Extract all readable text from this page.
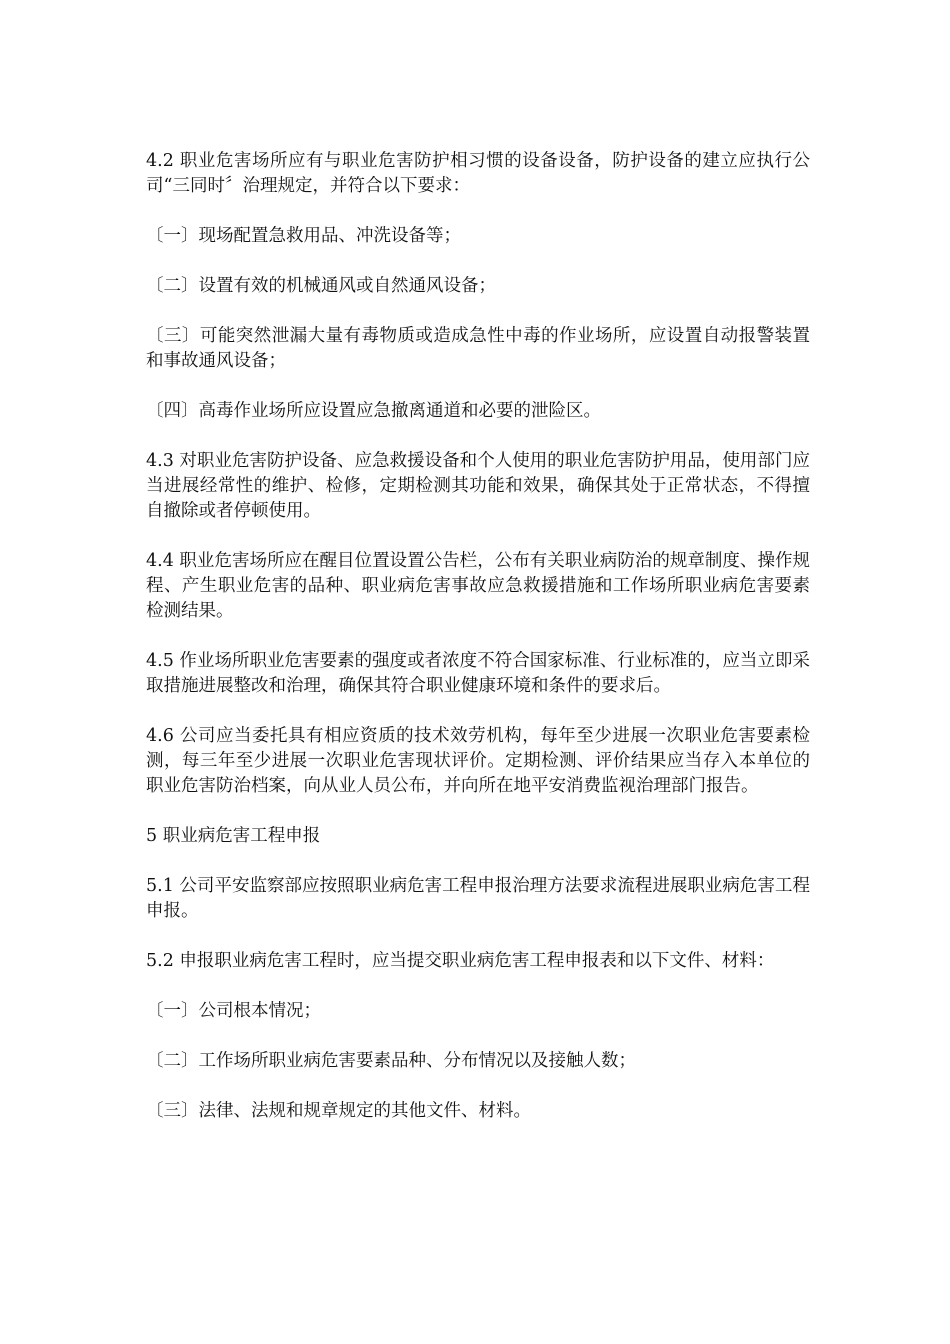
4.2 职业危害场所应有与职业危害防护相习惯的设备设备，防护设备的建立应执行公司“三同时〞治理规定，并符合以下要求：

〔一〕现场配置急救用品、冲洗设备等；

〔二〕设置有效的机械通风或自然通风设备；

〔三〕可能突然泄漏大量有毒物质或造成急性中毒的作业场所，应设置自动报警装置和事故通风设备；

〔四〕高毒作业场所应设置应急撤离通道和必要的泄险区。

4.3 对职业危害防护设备、应急救援设备和个人使用的职业危害防护用品，使用部门应当进展经常性的维护、检修，定期检测其功能和效果，确保其处于正常状态，不得擅自撤除或者停顿使用。

4.4 职业危害场所应在醒目位置设置公告栏，公布有关职业病防治的规章制度、操作规程、产生职业危害的品种、职业病危害事故应急救援措施和工作场所职业病危害要素检测结果。

4.5 作业场所职业危害要素的强度或者浓度不符合国家标准、行业标准的，应当立即采取措施进展整改和治理，确保其符合职业健康环境和条件的要求后。

4.6 公司应当委托具有相应资质的技术效劳机构，每年至少进展一次职业危害要素检测，每三年至少进展一次职业危害现状评价。定期检测、评价结果应当存入本单位的职业危害防治档案，向从业人员公布，并向所在地平安消费监视治理部门报告。

5 职业病危害工程申报

5.1 公司平安监察部应按照职业病危害工程申报治理方法要求流程进展职业病危害工程申报。

5.2 申报职业病危害工程时，应当提交职业病危害工程申报表和以下文件、材料：

〔一〕公司根本情况；

〔二〕工作场所职业病危害要素品种、分布情况以及接触人数；

〔三〕法律、法规和规章规定的其他文件、材料。
